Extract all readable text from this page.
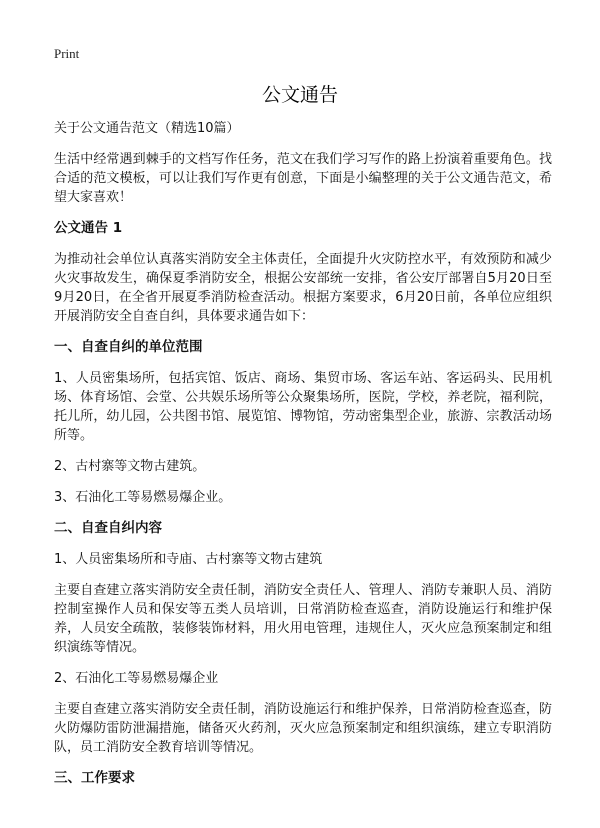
Print
公文通告

关于公文通告范文（精选10篇）

生活中经常遇到棘手的文档写作任务，范文在我们学习写作的路上扮演着重要角色。找合适的范文模板，可以让我们写作更有创意，下面是小编整理的关于公文通告范文，希望大家喜欢！

公文通告 1

为推动社会单位认真落实消防安全主体责任，全面提升火灾防控水平，有效预防和减少火灾事故发生，确保夏季消防安全，根据公安部统一安排，省公安厅部署自5月20日至9月20日，在全省开展夏季消防检查活动。根据方案要求，6月20日前，各单位应组织开展消防安全自查自纠，具体要求通告如下：

一、自查自纠的单位范围

1、人员密集场所，包括宾馆、饭店、商场、集贸市场、客运车站、客运码头、民用机场、体育场馆、会堂、公共娱乐场所等公众聚集场所，医院，学校，养老院，福利院，托儿所，幼儿园，公共图书馆、展览馆、博物馆，劳动密集型企业，旅游、宗教活动场所等。

2、古村寨等文物古建筑。

3、石油化工等易燃易爆企业。

二、自查自纠内容

1、人员密集场所和寺庙、古村寨等文物古建筑

主要自查建立落实消防安全责任制，消防安全责任人、管理人、消防专兼职人员、消防控制室操作人员和保安等五类人员培训，日常消防检查巡查，消防设施运行和维护保养，人员安全疏散，装修装饰材料，用火用电管理，违规住人，灭火应急预案制定和组织演练等情况。

2、石油化工等易燃易爆企业

主要自查建立落实消防安全责任制，消防设施运行和维护保养，日常消防检查巡查，防火防爆防雷防泄漏措施，储备灭火药剂，灭火应急预案制定和组织演练，建立专职消防队，员工消防安全教育培训等情况。

三、工作要求
